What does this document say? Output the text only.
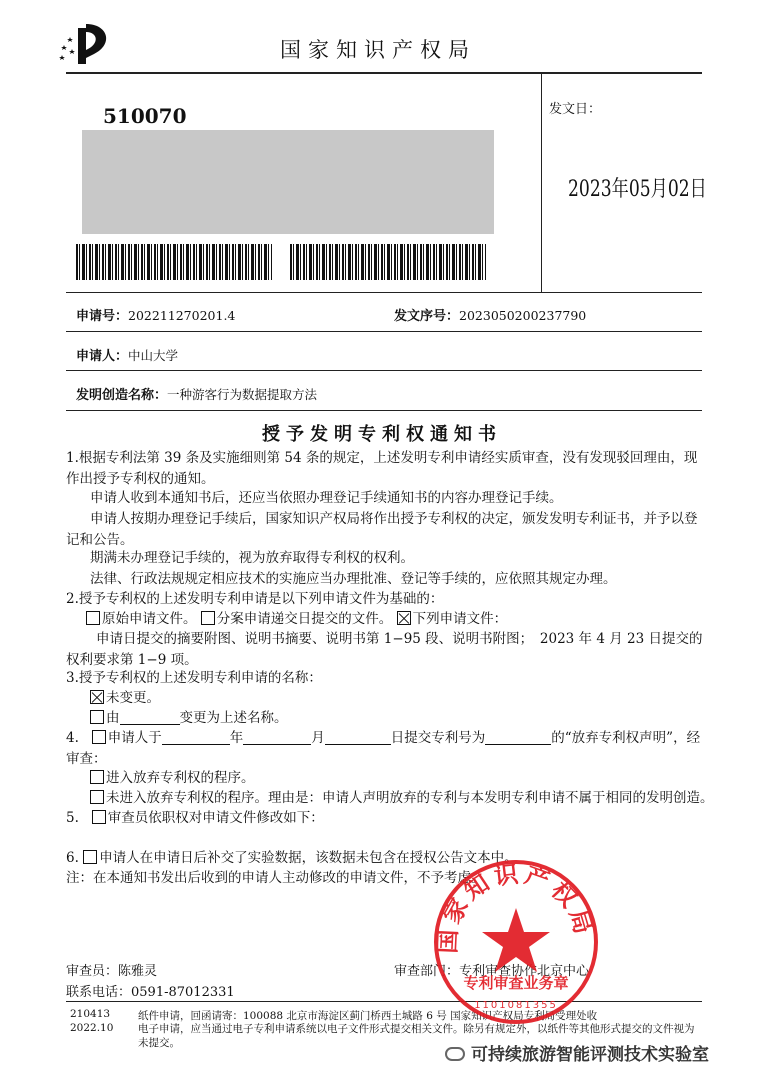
国家知识产权局
510070	发文日：
2023年05月02日
申请号：202211270201.4	发文序号：2023050200237790
申请人：中山大学
发明创造名称：一种游客行为数据提取方法
授予发明专利权通知书
1.根据专利法第 39 条及实施细则第 54 条的规定，上述发明专利申请经实质审查，没有发现驳回理由，现作出授予专利权的通知。
申请人收到本通知书后，还应当依照办理登记手续通知书的内容办理登记手续。
申请人按期办理登记手续后，国家知识产权局将作出授予专利权的决定，颁发发明专利证书，并予以登记和公告。
期满未办理登记手续的，视为放弃取得专利权的权利。
法律、行政法规规定相应技术的实施应当办理批准、登记等手续的，应依照其规定办理。
2.授予专利权的上述发明专利申请是以下列申请文件为基础的：
原始申请文件。 分案申请递交日提交的文件。 下列申请文件：
申请日提交的摘要附图、说明书摘要、说明书第 1−95 段、说明书附图；　2023 年 4 月 23 日提交的权利要求第 1−9 项。
3.授予专利权的上述发明专利申请的名称：
未变更。
由	变更为上述名称。
4. 申请人于	年	月	日提交专利号为	的“放弃专利权声明”，经审查：
进入放弃专利权的程序。
未进入放弃专利权的程序。理由是：申请人声明放弃的专利与本发明专利申请不属于相同的发明创造。
5. 审查员依职权对申请文件修改如下：
6. 申请人在申请日后补交了实验数据，该数据未包含在授权公告文本中。
注：在本通知书发出后收到的申请人主动修改的申请文件，不予考虑。
审查员：陈雅灵
联系电话：0591-87012331
审查部门：专利审查协作北京中心
210413
2022.10
纸件申请，回函请寄：100088 北京市海淀区蓟门桥西土城路 6 号 国家知识产权局专利局受理处收
电子申请，应当通过电子专利申请系统以电子文件形式提交相关文件。除另有规定外，以纸件等其他形式提交的文件视为未提交。
国家知识产权局
专利审查业务章
1101081355
可持续旅游智能评测技术实验室
